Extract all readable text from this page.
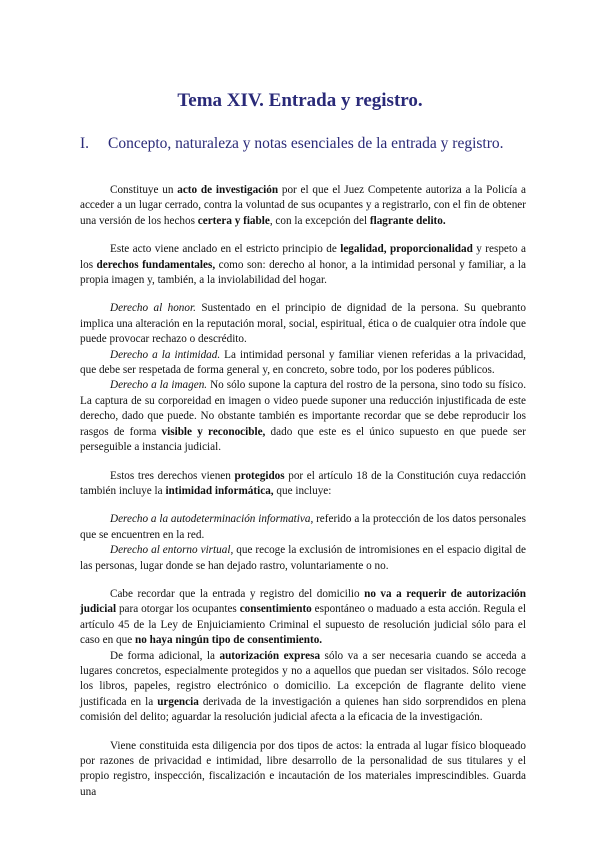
Tema XIV. Entrada y registro.
I. Concepto, naturaleza y notas esenciales de la entrada y registro.

Constituye un acto de investigación por el que el Juez Competente autoriza a la Policía a acceder a un lugar cerrado, contra la voluntad de sus ocupantes y a registrarlo, con el fin de obtener una versión de los hechos certera y fiable, con la excepción del flagrante delito.

Este acto viene anclado en el estricto principio de legalidad, proporcionalidad y respeto a los derechos fundamentales, como son: derecho al honor, a la intimidad personal y familiar, a la propia imagen y, también, a la inviolabilidad del hogar.

Derecho al honor. Sustentado en el principio de dignidad de la persona. Su quebranto implica una alteración en la reputación moral, social, espiritual, ética o de cualquier otra índole que puede provocar rechazo o descrédito.

Derecho a la intimidad. La intimidad personal y familiar vienen referidas a la privacidad, que debe ser respetada de forma general y, en concreto, sobre todo, por los poderes públicos.

Derecho a la imagen. No sólo supone la captura del rostro de la persona, sino todo su físico. La captura de su corporeidad en imagen o video puede suponer una reducción injustificada de este derecho, dado que puede. No obstante también es importante recordar que se debe reproducir los rasgos de forma visible y reconocible, dado que este es el único supuesto en que puede ser perseguible a instancia judicial.

Estos tres derechos vienen protegidos por el artículo 18 de la Constitución cuya redacción también incluye la intimidad informática, que incluye:

Derecho a la autodeterminación informativa, referido a la protección de los datos personales que se encuentren en la red.

Derecho al entorno virtual, que recoge la exclusión de intromisiones en el espacio digital de las personas, lugar donde se han dejado rastro, voluntariamente o no.

Cabe recordar que la entrada y registro del domicilio no va a requerir de autorización judicial para otorgar los ocupantes consentimiento espontáneo o maduado a esta acción. Regula el artículo 45 de la Ley de Enjuiciamiento Criminal el supuesto de resolución judicial sólo para el caso en que no haya ningún tipo de consentimiento.

De forma adicional, la autorización expresa sólo va a ser necesaria cuando se acceda a lugares concretos, especialmente protegidos y no a aquellos que puedan ser visitados. Sólo recoge los libros, papeles, registro electrónico o domicilio. La excepción de flagrante delito viene justificada en la urgencia derivada de la investigación a quienes han sido sorprendidos en plena comisión del delito; aguardar la resolución judicial afecta a la eficacia de la investigación.

Viene constituida esta diligencia por dos tipos de actos: la entrada al lugar físico bloqueado por razones de privacidad e intimidad, libre desarrollo de la personalidad de sus titulares y el propio registro, inspección, fiscalización e incautación de los materiales imprescindibles. Guarda una
